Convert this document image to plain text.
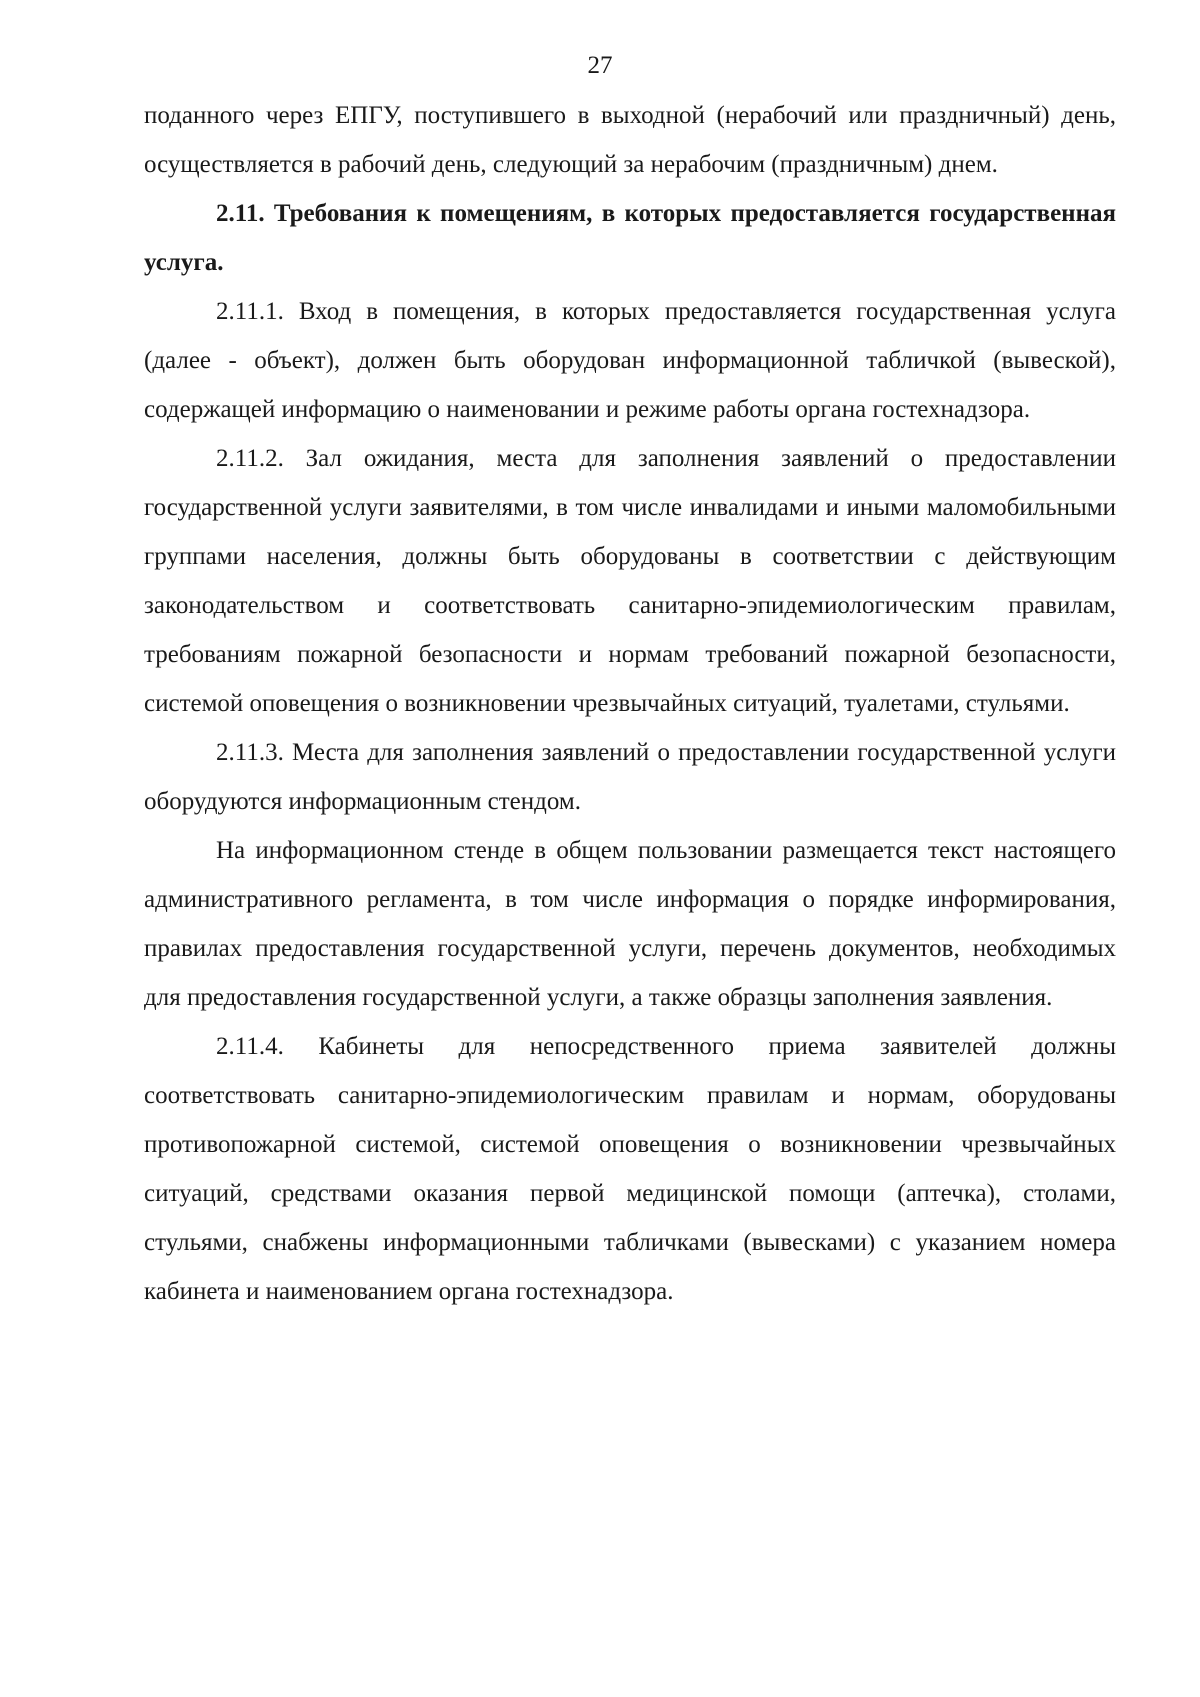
27

поданного через ЕПГУ, поступившего в выходной (нерабочий или праздничный) день, осуществляется в рабочий день, следующий за нерабочим (праздничным) днем.

2.11. Требования к помещениям, в которых предоставляется государственная услуга.

2.11.1. Вход в помещения, в которых предоставляется государственная услуга (далее - объект), должен быть оборудован информационной табличкой (вывеской), содержащей информацию о наименовании и режиме работы органа гостехнадзора.

2.11.2. Зал ожидания, места для заполнения заявлений о предоставлении государственной услуги заявителями, в том числе инвалидами и иными маломобильными группами населения, должны быть оборудованы в соответствии с действующим законодательством и соответствовать санитарно-эпидемиологическим правилам, требованиям пожарной безопасности и нормам требований пожарной безопасности, системой оповещения о возникновении чрезвычайных ситуаций, туалетами, стульями.

2.11.3. Места для заполнения заявлений о предоставлении государственной услуги оборудуются информационным стендом.

На информационном стенде в общем пользовании размещается текст настоящего административного регламента, в том числе информация о порядке информирования, правилах предоставления государственной услуги, перечень документов, необходимых для предоставления государственной услуги, а также образцы заполнения заявления.

2.11.4. Кабинеты для непосредственного приема заявителей должны соответствовать санитарно-эпидемиологическим правилам и нормам, оборудованы противопожарной системой, системой оповещения о возникновении чрезвычайных ситуаций, средствами оказания первой медицинской помощи (аптечка), столами, стульями, снабжены информационными табличками (вывесками) с указанием номера кабинета и наименованием органа гостехнадзора.
